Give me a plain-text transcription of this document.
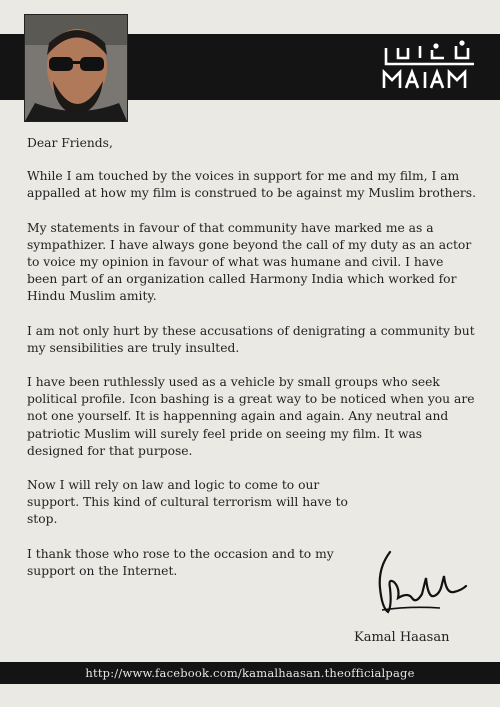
Dear Friends,

While I am touched by the voices in support for me and my film, I am appalled at how my film is construed to be against my Muslim brothers.

My statements in favour of that community have marked me as a sympathizer. I have always gone beyond the call of my duty as an actor to voice my opinion in favour of what was humane and civil. I have been part of an organization called Harmony India which worked for Hindu Muslim amity.

I am not only hurt by these accusations of denigrating a community but my sensibilities are truly insulted.

I have been ruthlessly used as a vehicle by small groups who seek political profile. Icon bashing is a great way to be noticed when you are not one yourself. It is happenning again and again. Any neutral and patriotic Muslim will surely feel pride on seeing my film. It was designed for that purpose.

Now I will rely on law and logic to come to our support. This kind of cultural terrorism will have to stop.

I thank those who rose to the occasion and to my support on the Internet.

Kamal Haasan
http://www.facebook.com/kamalhaasan.theofficialpage
